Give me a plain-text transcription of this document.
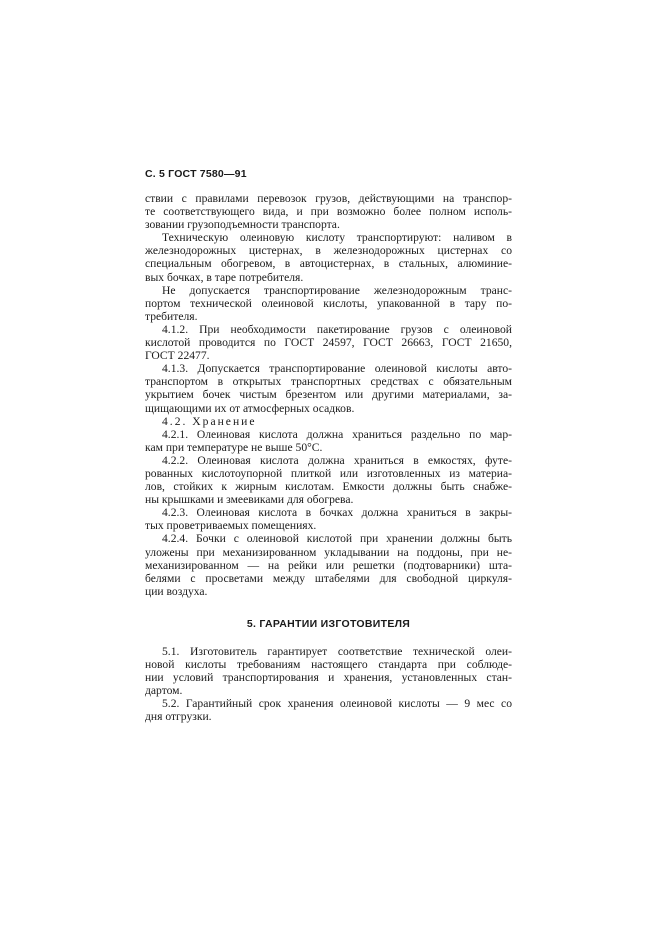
С. 5 ГОСТ 7580—91
ствии с правилами перевозок грузов, действующими на транспор-
те соответствующего вида, и при возможно более полном исполь-
зовании грузоподъемности транспорта.
Техническую олеиновую кислоту транспортируют: наливом в
железнодорожных цистернах, в железнодорожных цистернах со
специальным обогревом, в автоцистернах, в стальных, алюминие-
вых бочках, в таре потребителя.
Не допускается транспортирование железнодорожным транс-
портом технической олеиновой кислоты, упакованной в тару по-
требителя.
4.1.2. При необходимости пакетирование грузов с олеиновой
кислотой проводится по ГОСТ 24597, ГОСТ 26663, ГОСТ 21650,
ГОСТ 22477.
4.1.3. Допускается транспортирование олеиновой кислоты авто-
транспортом в открытых транспортных средствах с обязательным
укрытием бочек чистым брезентом или другими материалами, за-
щищающими их от атмосферных осадков.
4.2. Хранение
4.2.1. Олеиновая кислота должна храниться раздельно по мар-
кам при температуре не выше 50°С.
4.2.2. Олеиновая кислота должна храниться в емкостях, футе-
рованных кислотоупорной плиткой или изготовленных из материа-
лов, стойких к жирным кислотам. Емкости должны быть снабже-
ны крышками и змеевиками для обогрева.
4.2.3. Олеиновая кислота в бочках должна храниться в закры-
тых проветриваемых помещениях.
4.2.4. Бочки с олеиновой кислотой при хранении должны быть
уложены при механизированном укладывании на поддоны, при не-
механизированном — на рейки или решетки (подтоварники) шта-
белями с просветами между штабелями для свободной циркуля-
ции воздуха.
5. ГАРАНТИИ ИЗГОТОВИТЕЛЯ
5.1. Изготовитель гарантирует соответствие технической олеи-
новой кислоты требованиям настоящего стандарта при соблюде-
нии условий транспортирования и хранения, установленных стан-
дартом.
5.2. Гарантийный срок хранения олеиновой кислоты — 9 мес со
дня отгрузки.
